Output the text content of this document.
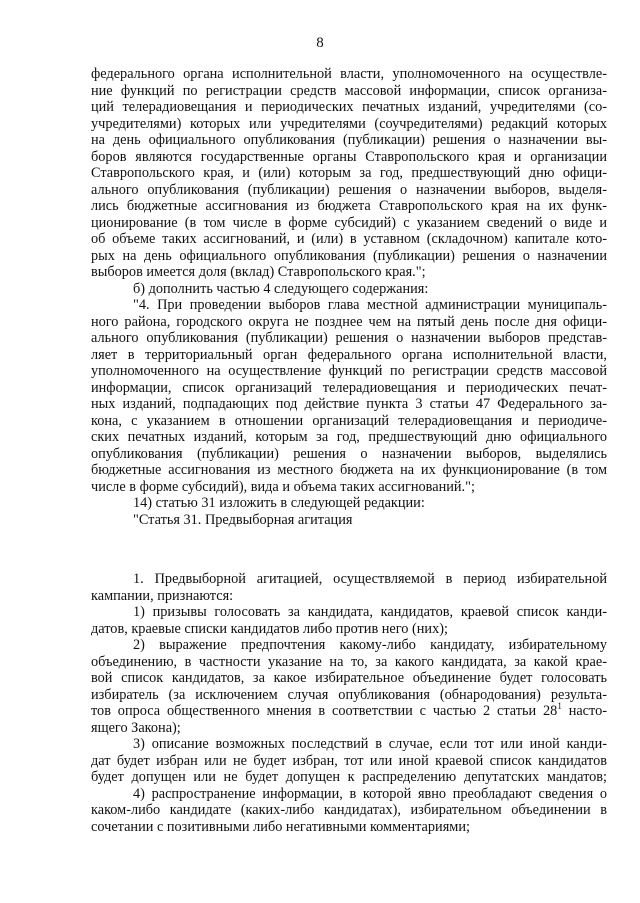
8
федерального органа исполнительной власти, уполномоченного на осуществле-
ние функций по регистрации средств массовой информации, список организа-
ций телерадиовещания и периодических печатных изданий, учредителями (со-
учредителями) которых или учредителями (соучредителями) редакций которых
на день официального опубликования (публикации) решения о назначении вы-
боров являются государственные органы Ставропольского края и организации
Ставропольского края, и (или) которым за год, предшествующий дню офици-
ального опубликования (публикации) решения о назначении выборов, выделя-
лись бюджетные ассигнования из бюджета Ставропольского края на их функ-
ционирование (в том числе в форме субсидий) с указанием сведений о виде и
об объеме таких ассигнований, и (или) в уставном (складочном) капитале кото-
рых на день официального опубликования (публикации) решения о назначении
выборов имеется доля (вклад) Ставропольского края.";
б) дополнить частью 4 следующего содержания:
"4. При проведении выборов глава местной администрации муниципаль-
ного района, городского округа не позднее чем на пятый день после дня офици-
ального опубликования (публикации) решения о назначении выборов представ-
ляет в территориальный орган федерального органа исполнительной власти,
уполномоченного на осуществление функций по регистрации средств массовой
информации, список организаций телерадиовещания и периодических печат-
ных изданий, подпадающих под действие пункта 3 статьи 47 Федерального за-
кона, с указанием в отношении организаций телерадиовещания и периодиче-
ских печатных изданий, которым за год, предшествующий дню официального
опубликования (публикации) решения о назначении выборов, выделялись
бюджетные ассигнования из местного бюджета на их функционирование (в том
числе в форме субсидий), вида и объема таких ассигнований.";
14) статью 31 изложить в следующей редакции:
"Статья 31. Предвыборная агитация
1. Предвыборной агитацией, осуществляемой в период избирательной
кампании, признаются:
1) призывы голосовать за кандидата, кандидатов, краевой список канди-
датов, краевые списки кандидатов либо против него (них);
2) выражение предпочтения какому-либо кандидату, избирательному
объединению, в частности указание на то, за какого кандидата, за какой крае-
вой список кандидатов, за какое избирательное объединение будет голосовать
избиратель (за исключением случая опубликования (обнародования) результа-
тов опроса общественного мнения в соответствии с частью 2 статьи $28^1$ насто-
ящего Закона);
3) описание возможных последствий в случае, если тот или иной канди-
дат будет избран или не будет избран, тот или иной краевой список кандидатов
будет допущен или не будет допущен к распределению депутатских мандатов;
4) распространение информации, в которой явно преобладают сведения о
каком-либо кандидате (каких-либо кандидатах), избирательном объединении в
сочетании с позитивными либо негативными комментариями;
